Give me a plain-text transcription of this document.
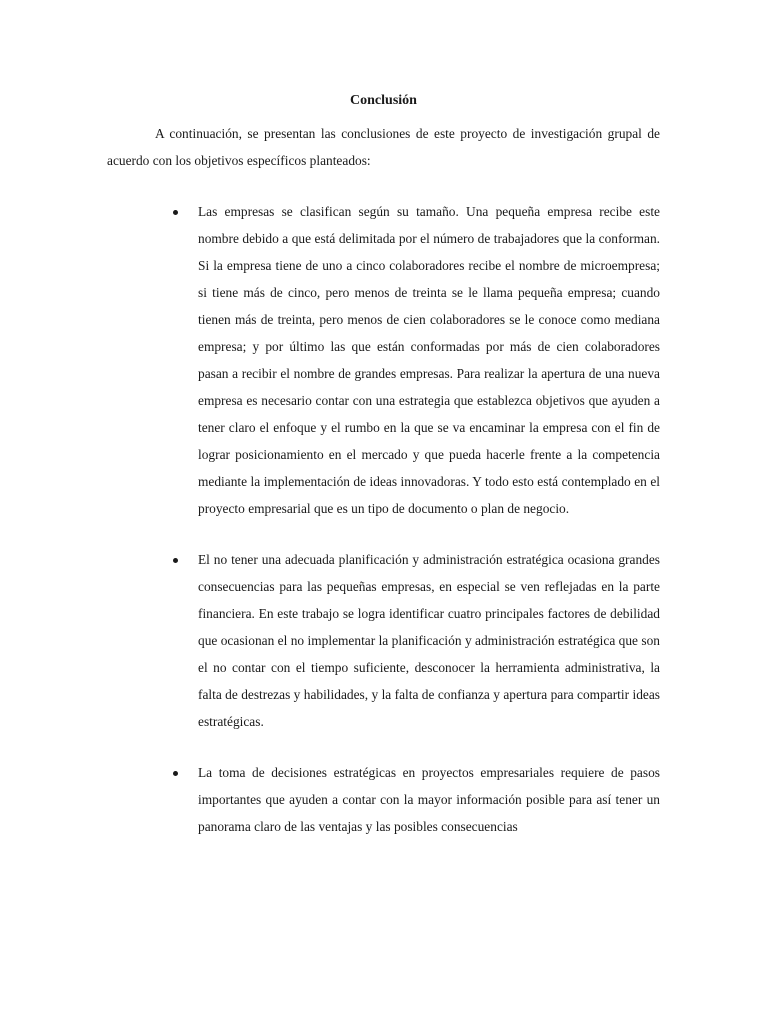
Conclusión

A continuación, se presentan las conclusiones de este proyecto de investigación grupal de acuerdo con los objetivos específicos planteados:

Las empresas se clasifican según su tamaño. Una pequeña empresa recibe este nombre debido a que está delimitada por el número de trabajadores que la conforman. Si la empresa tiene de uno a cinco colaboradores recibe el nombre de microempresa; si tiene más de cinco, pero menos de treinta se le llama pequeña empresa; cuando tienen más de treinta, pero menos de cien colaboradores se le conoce como mediana empresa; y por último las que están conformadas por más de cien colaboradores pasan a recibir el nombre de grandes empresas. Para realizar la apertura de una nueva empresa es necesario contar con una estrategia que establezca objetivos que ayuden a tener claro el enfoque y el rumbo en la que se va encaminar la empresa con el fin de lograr posicionamiento en el mercado y que pueda hacerle frente a la competencia mediante la implementación de ideas innovadoras. Y todo esto está contemplado en el proyecto empresarial que es un tipo de documento o plan de negocio.
El no tener una adecuada planificación y administración estratégica ocasiona grandes consecuencias para las pequeñas empresas, en especial se ven reflejadas en la parte financiera. En este trabajo se logra identificar cuatro principales factores de debilidad que ocasionan el no implementar la planificación y administración estratégica que son el no contar con el tiempo suficiente, desconocer la herramienta administrativa, la falta de destrezas y habilidades, y la falta de confianza y apertura para compartir ideas estratégicas.
La toma de decisiones estratégicas en proyectos empresariales requiere de pasos importantes que ayuden a contar con la mayor información posible para así tener un panorama claro de las ventajas y las posibles consecuencias
